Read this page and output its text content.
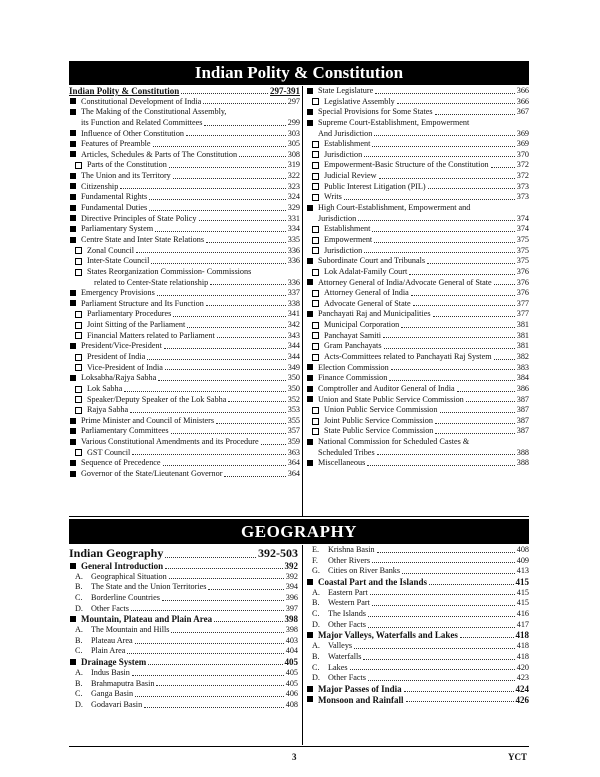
Indian Polity & Constitution
Indian Polity & Constitution	297-391
Constitutional Development of India	297
The Making of the Constitutional Assembly,
its Function and Related Committees	299
Influence of Other Constitution	303
Features of Preamble	305
Articles, Schedules & Parts of The Constitution	308
Parts of the Constitution	319
The Union and its Territory	322
Citizenship	323
Fundamental Rights	324
Fundamental Duties	329
Directive Principles of State Policy	331
Parliamentary System	334
Centre State and Inter State Relations	335
Zonal Council	336
Inter-State Council	336
States Reorganization Commission- Commissions
related to Center-State relationship	336
Emergency Provisions	337
Parliament Structure and Its Function	338
Parliamentary Procedures	341
Joint Sitting of the Parliament	342
Financial Matters related to Parliament	343
President/Vice-President	344
President of India	344
Vice-President of India	349
Loksabha/Rajya Sabha	350
Lok Sabha	350
Speaker/Deputy Speaker of the Lok Sabha	352
Rajya Sabha	353
Prime Minister and Council of Ministers	355
Parliamentary Committees	357
Various Constitutional Amendments and its Procedure	359
GST Council	363
Sequence of Precedence	364
Governor of the State/Lieutenant Governor	364
State Legislature	366
Legislative Assembly	366
Special Provisions for Some States	367
Supreme Court-Establishment, Empowerment
And Jurisdiction	369
Establishment	369
Jurisdiction	370
Empowerment-Basic Structure of the Constitution	372
Judicial Review	372
Public Interest Litigation (PIL)	373
Writs	373
High Court-Establishment, Empowerment and
Jurisdiction	374
Establishment	374
Empowerment	375
Jurisdiction	375
Subordinate Court and Tribunals	375
Lok Adalat-Family Court	376
Attorney General of India/Advocate General of State	376
Attorney General of India	376
Advocate General of State	377
Panchayati Raj and Municipalities	377
Municipal Corporation	381
Panchayat Samiti	381
Gram Panchayats	381
Acts-Committees related to Panchayati Raj System	382
Election Commission	383
Finance Commission	384
Comptroller and Auditor General of India	386
Union and State Public Service Commission	387
Union Public Service Commission	387
Joint Public Service Commission	387
State Public Service Commission	387
National Commission for Scheduled Castes &
Scheduled Tribes	388
Miscellaneous	388
GEOGRAPHY
Indian Geography	392-503
General Introduction	392
A. Geographical Situation	392
B.	The State and the Union Territories	394
C.	Borderline Countries	396
D. Other Facts	397
Mountain, Plateau and Plain Area	398
A. The Mountain and Hills	398
B.	Plateau Area	403
C.	Plain Area	404
Drainage System	405
A. Indus Basin	405
B.	Brahmaputra Basin	405
C.	Ganga Basin	406
D. Godavari Basin	408
E.	Krishna Basin	408
F.	Other Rivers	409
G. Cities on River Banks	413
Coastal Part and the Islands	415
A. Eastern Part	415
B.	Western Part	415
C.	The Islands	416
D. Other Facts	417
Major Valleys, Waterfalls and Lakes	418
A. Valleys	418
B.	Waterfalls	418
C.	Lakes	420
D. Other Facts	423
Major Passes of India	424
Monsoon and Rainfall	426
3	YCT
